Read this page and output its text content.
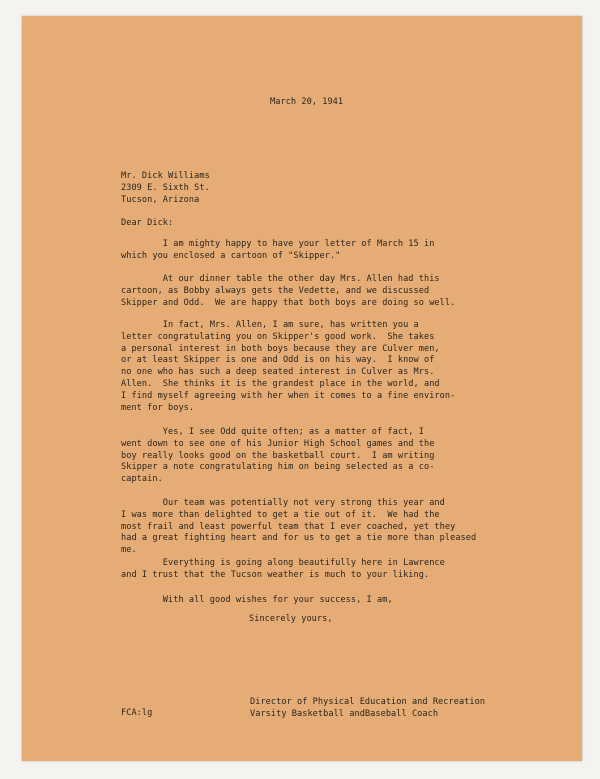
March 20, 1941
Mr. Dick Williams
2309 E. Sixth St.
Tucson, Arizona
Dear Dick:
I am mighty happy to have your letter of March 15 in
which you enclosed a cartoon of "Skipper."
At our dinner table the other day Mrs. Allen had this
cartoon, as Bobby always gets the Vedette, and we discussed
Skipper and Odd.  We are happy that both boys are doing so well.
In fact, Mrs. Allen, I am sure, has written you a
letter congratulating you on Skipper's good work.  She takes
a personal interest in both boys because they are Culver men,
or at least Skipper is one and Odd is on his way.  I know of
no one who has such a deep seated interest in Culver as Mrs.
Allen.  She thinks it is the grandest place in the world, and
I find myself agreeing with her when it comes to a fine environ-
ment for boys.
Yes, I see Odd quite often; as a matter of fact, I
went down to see one of his Junior High School games and the
boy really looks good on the basketball court.  I am writing
Skipper a note congratulating him on being selected as a co-
captain.
Our team was potentially not very strong this year and
I was more than delighted to get a tie out of it.  We had the
most frail and least powerful team that I ever coached, yet they
had a great fighting heart and for us to get a tie more than pleased
me.
Everything is going along beautifully here in Lawrence
and I trust that the Tucson weather is much to your liking.
With all good wishes for your success, I am,
Sincerely yours,
Director of Physical Education and Recreation
Varsity Basketball andBaseball Coach
FCA:lg
